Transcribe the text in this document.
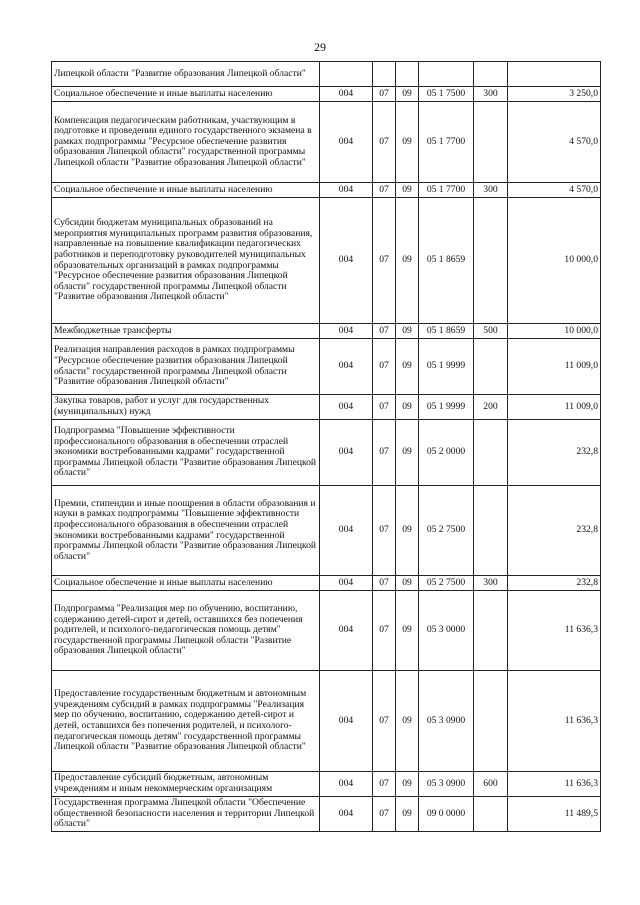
29
Липецкой области "Развитие образования Липецкой области"						
Социальное обеспечение и иные выплаты населению	004	07	09	05 1 7500	300	3 250,0
Компенсация педагогическим работникам, участвующим в подготовке и проведении единого государственного экзамена в рамках подпрограммы "Ресурсное обеспечение развития образования Липецкой области" государственной программы Липецкой области "Развитие образования Липецкой области"	004	07	09	05 1 7700		4 570,0
Социальное обеспечение и иные выплаты населению	004	07	09	05 1 7700	300	4 570,0
Субсидии бюджетам муниципальных образований на мероприятия муниципальных программ развития образования, направленные на повышение квалификации педагогических работников и переподготовку руководителей муниципальных образовательных организаций в рамках подпрограммы "Ресурсное обеспечение развития образования Липецкой области" государственной программы Липецкой области "Развитие образования Липецкой области"	004	07	09	05 1 8659		10 000,0
Межбюджетные трансферты	004	07	09	05 1 8659	500	10 000,0
Реализация направления расходов в рамках подпрограммы "Ресурсное обеспечение развития образования Липецкой области" государственной программы Липецкой области "Развитие образования Липецкой области"	004	07	09	05 1 9999		11 009,0
Закупка товаров, работ и услуг для государственных (муниципальных) нужд	004	07	09	05 1 9999	200	11 009,0
Подпрограмма "Повышение эффективности профессионального образования в обеспечении отраслей экономики востребованными кадрами" государственной программы Липецкой области "Развитие образования Липецкой области"	004	07	09	05 2 0000		232,8
Премии, стипендии и иные поощрения в области образования и науки в рамках подпрограммы "Повышение эффективности профессионального образования в обеспечении отраслей экономики востребованными кадрами" государственной программы Липецкой области "Развитие образования Липецкой области"	004	07	09	05 2 7500		232,8
Социальное обеспечение и иные выплаты населению	004	07	09	05 2 7500	300	232,8
Подпрограмма "Реализация мер по обучению, воспитанию, содержанию детей-сирот и детей, оставшихся без попечения родителей, и психолого-педагогическая помощь детям" государственной программы Липецкой области "Развитие образования Липецкой области"	004	07	09	05 3 0000		11 636,3
Предоставление государственным бюджетным и автономным учреждениям субсидий в рамках подпрограммы "Реализация мер по обучению, воспитанию, содержанию детей-сирот и детей, оставшихся без попечения родителей, и психолого-педагогическая помощь детям" государственной программы Липецкой области "Развитие образования Липецкой области"	004	07	09	05 3 0900		11 636,3
Предоставление субсидий бюджетным, автономным учреждениям и иным некоммерческим организациям	004	07	09	05 3 0900	600	11 636,3
Государственная программа Липецкой области "Обеспечение общественной безопасности населения и территории Липецкой области"	004	07	09	09 0 0000		11 489,5
